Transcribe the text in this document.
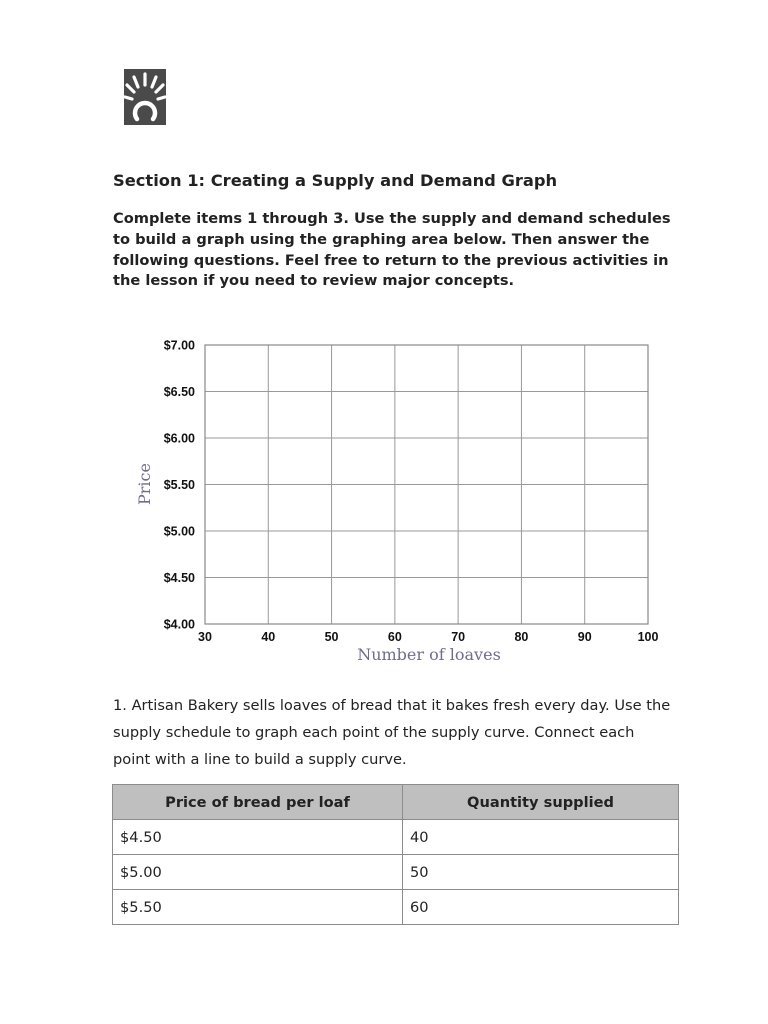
Section 1: Creating a Supply and Demand Graph

Complete items 1 through 3. Use the supply and demand schedules to build a graph using the graphing area below. Then answer the following questions. Feel free to return to the previous activities in the lesson if you need to review major concepts.

$4.00
$4.50
$5.00
$5.50
$6.00
$6.50
$7.00
30	40	50	60	70	80	90	100
Price
Number of loaves

1. Artisan Bakery sells loaves of bread that it bakes fresh every day. Use the supply schedule to graph each point of the supply curve. Connect each point with a line to build a supply curve.

Price of bread per loaf	Quantity supplied
$4.50	40
$5.00	50
$5.50	60
